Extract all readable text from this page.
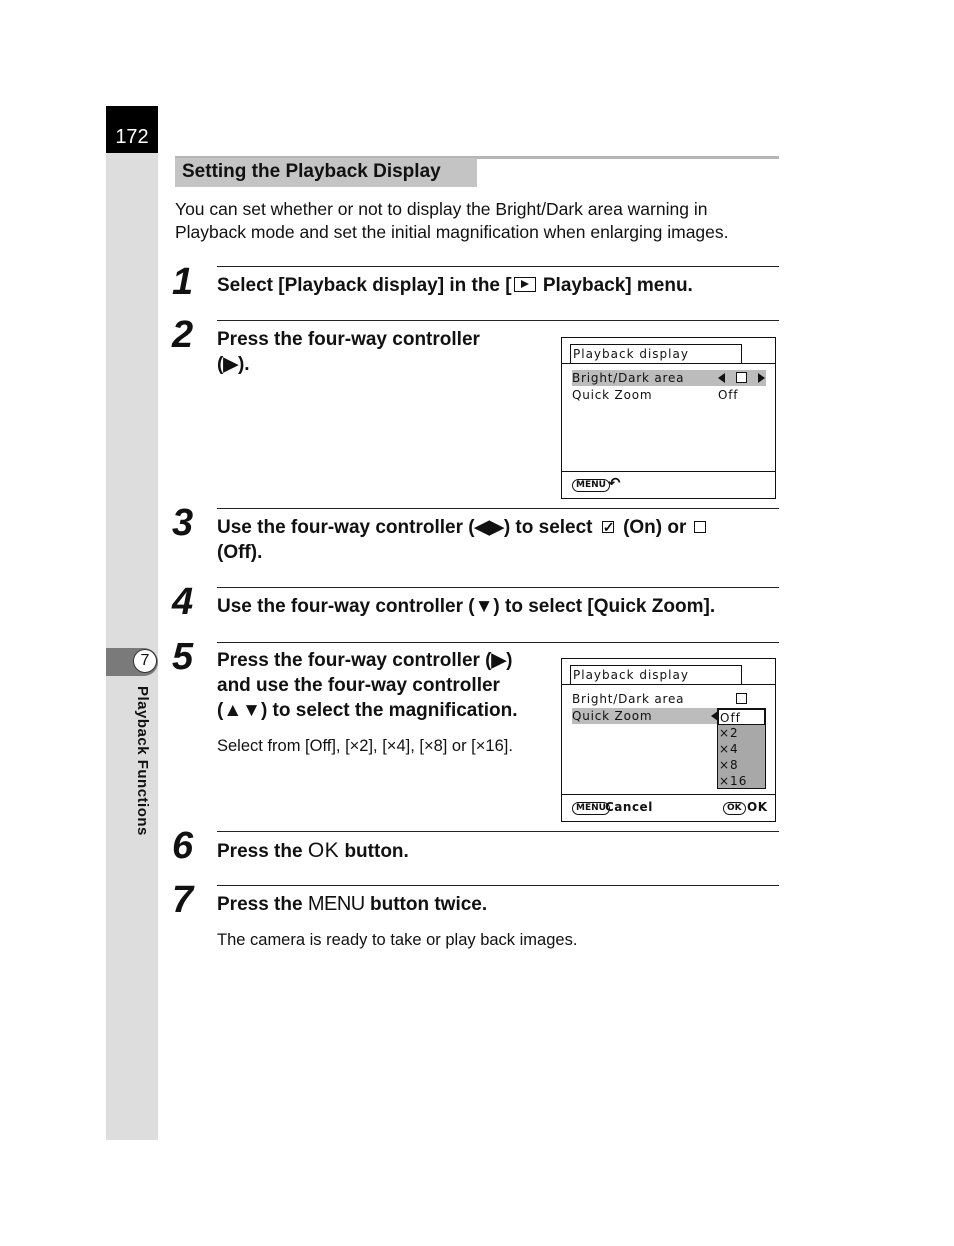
172
7
Playback Functions
Setting the Playback Display

You can set whether or not to display the Bright/Dark area warning in Playback mode and set the initial magnification when enlarging images.

1 Select [Playback display] in the [ Playback] menu.

2 Press the four-way controller
(▶).	Playback display
Bright/Dark area
Quick Zoom	Off
MENU ↶
3 Use the four-way controller (◀▶) to select ✓ (On) or
(Off).

4 Use the four-way controller (▼) to select [Quick Zoom].

5 Press the four-way controller (▶)
and use the four-way controller
(▲▼) to select the magnification.

Select from [Off], [×2], [×4], [×8] or [×16].

Playback display
Bright/Dark area
Quick Zoom	Off
×2
×4
×8
×16
MENU Cancel	OK OK
6 Press the OK button.

7 Press the MENU button twice.

The camera is ready to take or play back images.
